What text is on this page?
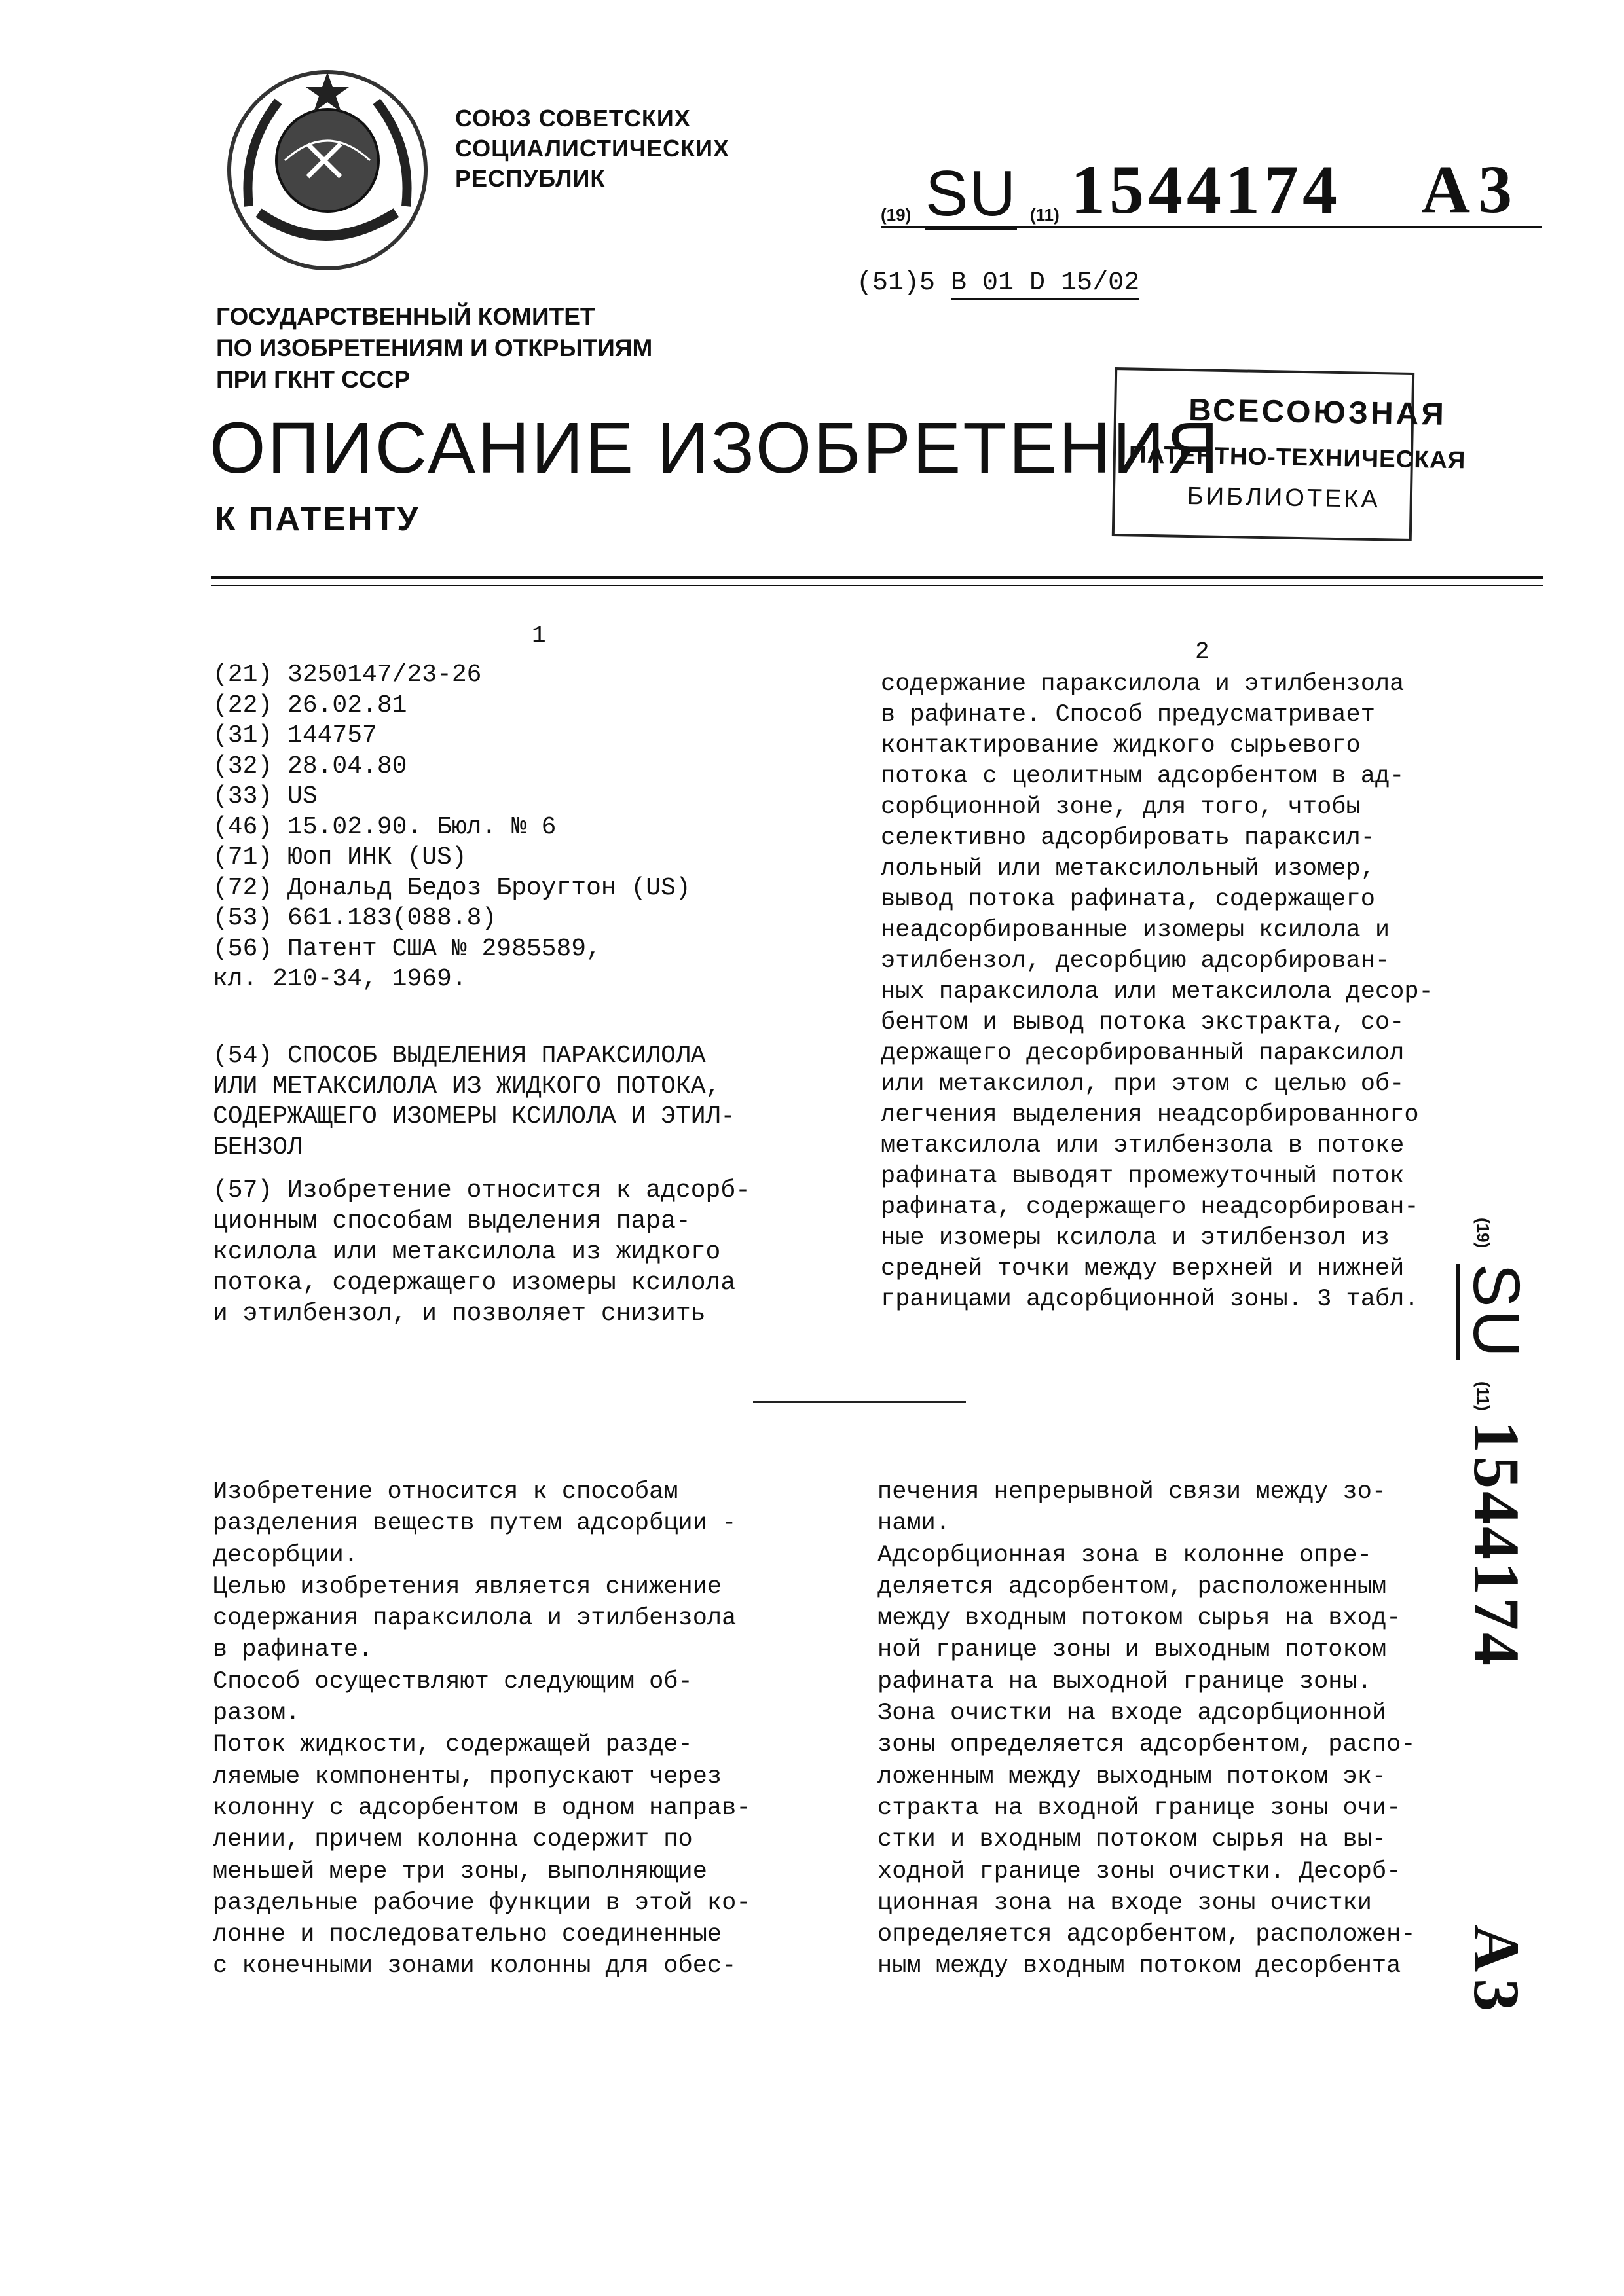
СОЮЗ СОВЕТСКИХ
СОЦИАЛИСТИЧЕСКИХ
РЕСПУБЛИК
(19) SU (11) 1544174 A3
(51)5 B 01 D 15/02
ГОСУДАРСТВЕННЫЙ КОМИТЕТ
ПО ИЗОБРЕТЕНИЯМ И ОТКРЫТИЯМ
ПРИ ГКНТ СССР
ОПИСАНИЕ ИЗОБРЕТЕНИЯ
К ПАТЕНТУ
ВСЕСОЮЗНАЯ
ПАТЕНТНО-ТЕХНИЧЕСКАЯ
БИБЛИОТЕКА
1
2
(21) 3250147/23-26
(22) 26.02.81
(31) 144757
(32) 28.04.80
(33) US
(46) 15.02.90. Бюл. № 6
(71) Юоп ИНК (US)
(72) Дональд Бедоз Броугтон (US)
(53) 661.183(088.8)
(56) Патент США № 2985589,
кл. 210-34, 1969.
(54) СПОСОБ ВЫДЕЛЕНИЯ ПАРАКСИЛОЛА
ИЛИ МЕТАКСИЛОЛА ИЗ ЖИДКОГО ПОТОКА,
СОДЕРЖАЩЕГО ИЗОМЕРЫ КСИЛОЛА И ЭТИЛ-
БЕНЗОЛ
(57) Изобретение относится к адсорб-
ционным способам выделения пара-
ксилола или метаксилола из жидкого
потока, содержащего изомеры ксилола
и этилбензол, и позволяет снизить
содержание параксилола и этилбензола
в рафинате. Способ предусматривает
контактирование жидкого сырьевого
потока с цеолитным адсорбентом в ад-
сорбционной зоне, для того, чтобы
селективно адсорбировать параксил-
лольный или метаксилольный изомер,
вывод потока рафината, содержащего
неадсорбированные изомеры ксилола и
этилбензол, десорбцию адсорбирован-
ных параксилола или метаксилола десор-
бентом и вывод потока экстракта, со-
держащего десорбированный параксилол
или метаксилол, при этом с целью об-
легчения выделения неадсорбированного
метаксилола или этилбензола в потоке
рафината выводят промежуточный поток
рафината, содержащего неадсорбирован-
ные изомеры ксилола и этилбензол из
средней точки между верхней и нижней
границами адсорбционной зоны. 3 табл.
Изобретение относится к способам
разделения веществ путем адсорбции -
десорбции.
Целью изобретения является снижение
содержания параксилола и этилбензола
в рафинате.
Способ осуществляют следующим об-
разом.
Поток жидкости, содержащей разде-
ляемые компоненты, пропускают через
колонну с адсорбентом в одном направ-
лении, причем колонна содержит по
меньшей мере три зоны, выполняющие
раздельные рабочие функции в этой ко-
лонне и последовательно соединенные
с конечными зонами колонны для обес-
печения непрерывной связи между зо-
нами.
Адсорбционная зона в колонне опре-
деляется адсорбентом, расположенным
между входным потоком сырья на вход-
ной границе зоны и выходным потоком
рафината на выходной границе зоны.
Зона очистки на входе адсорбционной
зоны определяется адсорбентом, распо-
ложенным между выходным потоком эк-
стракта на входной границе зоны очи-
стки и входным потоком сырья на вы-
ходной границе зоны очистки. Десорб-
ционная зона на входе зоны очистки
определяется адсорбентом, расположен-
ным между входным потоком десорбента
(19)
SU
(11)
1544174
A3
